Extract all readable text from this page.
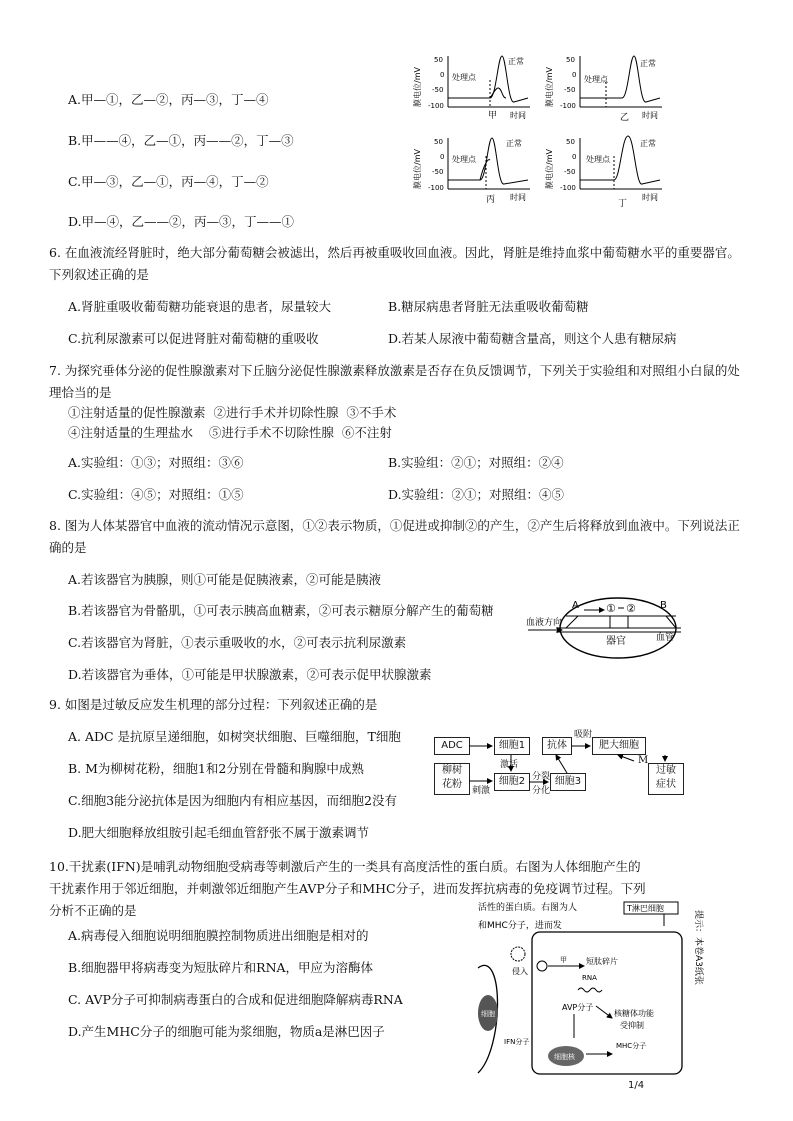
A.甲—①，乙—②，丙—③，丁—④
B.甲——④，乙—①，丙——②，丁—③
C.甲—③，乙—①，丙—④，丁—②
D.甲—④，乙——②，丙—③，丁——①
膜电位/mV
50
0
-50
-100
处理点
正常
甲 时间
膜电位/mV
50
0
-50
-100
处理点
正常
乙 时间
膜电位/mV
50
0
-50
-100
处理点
正常
丙 时间
膜电位/mV
50
0
-50
-100
处理点
正常
丁
时间
6. 在血液流经肾脏时，绝大部分葡萄糖会被滤出，然后再被重吸收回血液。因此，肾脏是维持血浆中葡萄糖水平的重要器官。下列叙述正确的是
A.肾脏重吸收葡萄糖功能衰退的患者，尿量较大	B.糖尿病患者肾脏无法重吸收葡萄糖
C.抗利尿激素可以促进肾脏对葡萄糖的重吸收	D.若某人尿液中葡萄糖含量高，则这个人患有糖尿病
7. 为探究垂体分泌的促性腺激素对下丘脑分泌促性腺激素释放激素是否存在负反馈调节，下列关于实验组和对照组小白鼠的处理恰当的是
①注射适量的促性腺激素  ②进行手术并切除性腺  ③不手术
④注射适量的生理盐水    ⑤进行手术不切除性腺  ⑥不注射
A.实验组：①③；对照组：③⑥	B.实验组：②①；对照组：②④
C.实验组：④⑤；对照组：①⑤	D.实验组：②①；对照组：④⑤
8. 图为人体某器官中血液的流动情况示意图，①②表示物质，①促进或抑制②的产生，②产生后将释放到血液中。下列说法正确的是
A.若该器官为胰腺，则①可能是促胰液素，②可能是胰液
B.若该器官为骨骼肌，①可表示胰高血糖素，②可表示糖原分解产生的葡萄糖
C.若该器官为肾脏，①表示重吸收的水，②可表示抗利尿激素
D.若该器官为垂体，①可能是甲状腺激素，②可表示促甲状腺激素
A	B
① ②
血液方向
器官	血管
9. 如图是过敏反应发生机理的部分过程：下列叙述正确的是
A. ADC 是抗原呈递细胞，如树突状细胞、巨噬细胞，T细胞
B. M为柳树花粉，细胞1和2分别在骨髓和胸腺中成熟
C.细胞3能分泌抗体是因为细胞内有相应基因，而细胞2没有
D.肥大细胞释放组胺引起毛细血管舒张不属于激素调节
ADC	细胞1	抗体	肥大细胞
柳树
花粉	细胞2	细胞3
过敏
症状
吸附
激活
刺激
分裂
分化
M
10.干扰素(IFN)是哺乳动物细胞受病毒等刺激后产生的一类具有高度活性的蛋白质。右图为人体细胞产生的干扰素作用于邻近细胞，并刺激邻近细胞产生AVP分子和MHC分子，进而发挥抗病毒的免疫调节过程。下列分析不正确的是
A.病毒侵入细胞说明细胞膜控制物质进出细胞是相对的
B.细胞器甲将病毒变为短肽碎片和RNA，甲应为溶酶体
C. AVP分子可抑制病毒蛋白的合成和促进细胞降解病毒RNA
D.产生MHC分子的细胞可能为浆细胞，物质a是淋巴因子
活性的蛋白质。右图为人
和MHC分子，进而发
T淋巴细胞
提示：本卷A3纸张
细胞
侵入
甲 短肽碎片
RNA
AVP分子
核糖体功能
受抑制
细胞核
MHC分子
IFN分子
1/4
